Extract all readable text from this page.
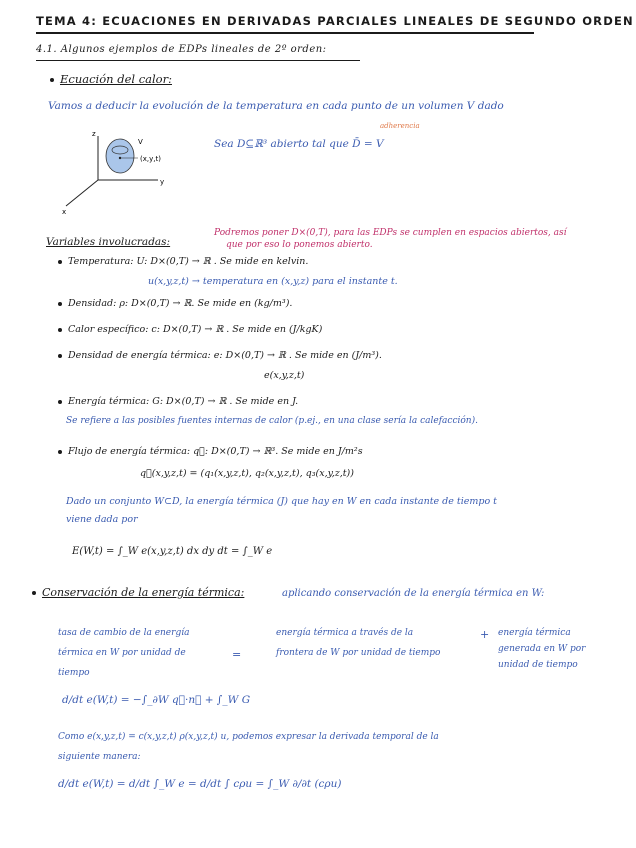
TEMA 4: ECUACIONES EN DERIVADAS PARCIALES LINEALES DE SEGUNDO ORDEN
4.1. Algunos ejemplos de EDPs lineales de 2º orden:
Ecuación del calor:
Vamos a deducir la evolución de la temperatura en cada punto de un volumen V dado
z
y
x
V
(x,y,t)
adherencia
Sea D⊆ℝ³ abierto tal que D̄ = V
Variables involucradas:
Podremos poner D×(0,T), para las EDPs se cumplen en espacios abiertos, así
que por eso lo ponemos abierto.
Temperatura: U: D×(0,T) → ℝ . Se mide en kelvin.
u(x,y,z,t) → temperatura en (x,y,z) para el instante t.
Densidad: ρ: D×(0,T) → ℝ. Se mide en (kg/m³).
Calor específico: c: D×(0,T) → ℝ . Se mide en (J/kgK)
Densidad de energía térmica: e: D×(0,T) → ℝ . Se mide en (J/m³).
e(x,y,z,t)
Energía térmica: G: D×(0,T) → ℝ . Se mide en J.
Se refiere a las posibles fuentes internas de calor (p.ej., en una clase sería la calefacción).
Flujo de energía térmica: q⃗: D×(0,T) → ℝ³. Se mide en J/m²s
q⃗(x,y,z,t) = (q₁(x,y,z,t), q₂(x,y,z,t), q₃(x,y,z,t))
Dado un conjunto W⊂D, la energía térmica (J) que hay en W en cada instante de tiempo t
viene dada por
E(W,t) = ∫_W e(x,y,z,t) dx dy dt = ∫_W e
Conservación de la energía térmica:	aplicando conservación de la energía térmica en W:
tasa de cambio de la energía
térmica en W por unidad de
tiempo
=
energía térmica a través de la
frontera de W por unidad de tiempo
+ energía térmica
generada en W por
unidad de tiempo
d/dt e(W,t) = −∫_∂W q⃗·n⃗ + ∫_W G
Como e(x,y,z,t) = c(x,y,z,t) ρ(x,y,z,t) u, podemos expresar la derivada temporal de la
siguiente manera:
d/dt e(W,t) = d/dt ∫_W e = d/dt ∫ cρu = ∫_W ∂/∂t (cρu)
